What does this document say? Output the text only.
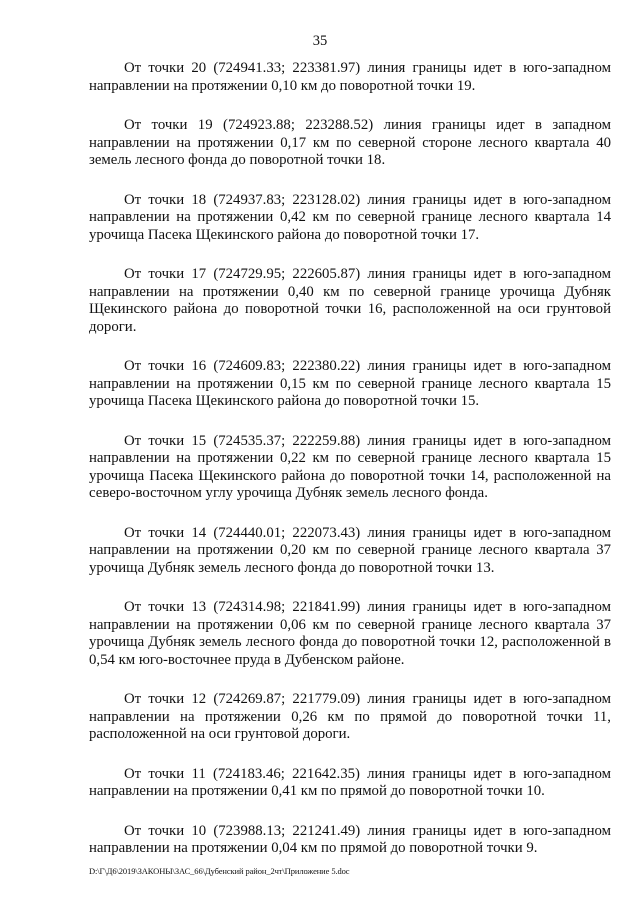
35

От точки 20 (724941.33; 223381.97) линия границы идет в юго-западном направлении на протяжении 0,10 км до поворотной точки 19.

От точки 19 (724923.88; 223288.52) линия границы идет в западном направлении на протяжении 0,17 км по северной стороне лесного квартала 40 земель лесного фонда до поворотной точки 18.

От точки 18 (724937.83; 223128.02) линия границы идет в юго-западном направлении на протяжении 0,42 км по северной границе лесного квартала 14 урочища Пасека Щекинского района до поворотной точки 17.

От точки 17 (724729.95; 222605.87) линия границы идет в юго-западном направлении на протяжении 0,40 км по северной границе урочища Дубняк Щекинского района до поворотной точки 16, расположенной на оси грунтовой дороги.

От точки 16 (724609.83; 222380.22) линия границы идет в юго-западном направлении на протяжении 0,15 км по северной границе лесного квартала 15 урочища Пасека Щекинского района до поворотной точки 15.

От точки 15 (724535.37; 222259.88) линия границы идет в юго-западном направлении на протяжении 0,22 км по северной границе лесного квартала 15 урочища Пасека Щекинского района до поворотной точки 14, расположенной на северо-восточном углу урочища Дубняк земель лесного фонда.

От точки 14 (724440.01; 222073.43) линия границы идет в юго-западном направлении на протяжении 0,20 км по северной границе лесного квартала 37 урочища Дубняк земель лесного фонда до поворотной точки 13.

От точки 13 (724314.98; 221841.99) линия границы идет в юго-западном направлении на протяжении 0,06 км по северной границе лесного квартала 37 урочища Дубняк земель лесного фонда до поворотной точки 12, расположенной в 0,54 км юго-восточнее пруда в Дубенском районе.

От точки 12 (724269.87; 221779.09) линия границы идет в юго-западном направлении на протяжении 0,26 км по прямой до поворотной точки 11, расположенной на оси грунтовой дороги.

От точки 11 (724183.46; 221642.35) линия границы идет в юго-западном направлении на протяжении 0,41 км по прямой до поворотной точки 10.

От точки 10 (723988.13; 221241.49) линия границы идет в юго-западном направлении на протяжении 0,04 км по прямой до поворотной точки 9.

D:\Г\Д6\2019\ЗАКОНЫ\ЗАС_66\Дубенский район_2чт\Приложение 5.doc
